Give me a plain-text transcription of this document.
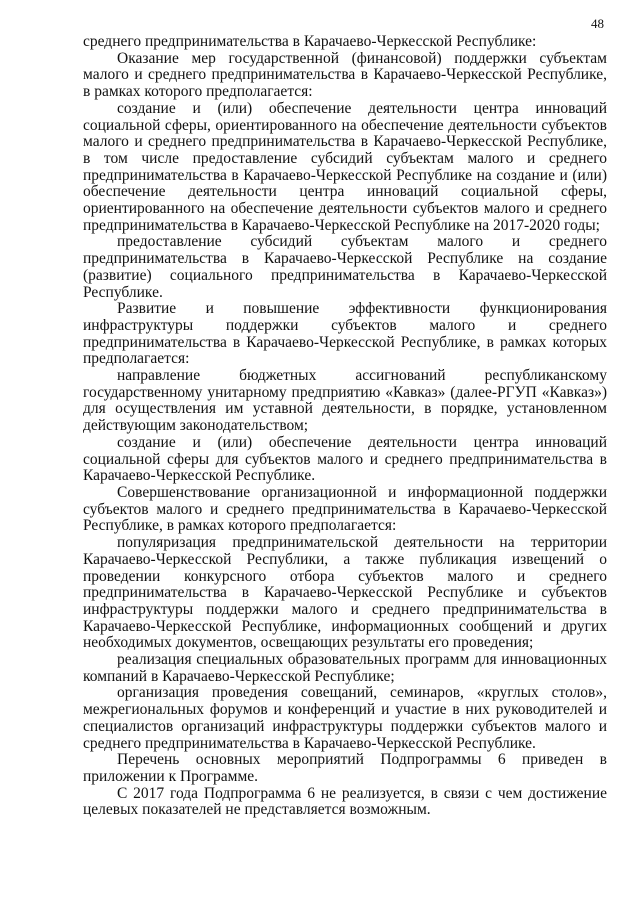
48

среднего предпринимательства в Карачаево-Черкесской Республике:

Оказание мер государственной (финансовой) поддержки субъектам малого и среднего предпринимательства в Карачаево-Черкесской Республике, в рамках которого предполагается:

создание и (или) обеспечение деятельности центра инноваций социальной сферы, ориентированного на обеспечение деятельности субъектов малого и среднего предпринимательства в Карачаево-Черкесской Республике, в том числе предоставление субсидий субъектам малого и среднего предпринимательства в Карачаево-Черкесской Республике на создание и (или) обеспечение деятельности центра инноваций социальной сферы, ориентированного на обеспечение деятельности субъектов малого и среднего предпринимательства в Карачаево-Черкесской Республике на 2017-2020 годы;

предоставление субсидий субъектам малого и среднего предпринимательства в Карачаево-Черкесской Республике на создание (развитие) социального предпринимательства в Карачаево-Черкесской Республике.

Развитие и повышение эффективности функционирования инфраструктуры поддержки субъектов малого и среднего предпринимательства в Карачаево-Черкесской Республике, в рамках которых предполагается:

направление бюджетных ассигнований республиканскому государственному унитарному предприятию «Кавказ» (далее-РГУП «Кавказ») для осуществления им уставной деятельности, в порядке, установленном действующим законодательством;

создание и (или) обеспечение деятельности центра инноваций социальной сферы для субъектов малого и среднего предпринимательства в Карачаево-Черкесской Республике.

Совершенствование организационной и информационной поддержки субъектов малого и среднего предпринимательства в Карачаево-Черкесской Республике, в рамках которого предполагается:

популяризация предпринимательской деятельности на территории Карачаево-Черкесской Республики, а также публикация извещений о проведении конкурсного отбора субъектов малого и среднего предпринимательства в Карачаево-Черкесской Республике и субъектов инфраструктуры поддержки малого и среднего предпринимательства в Карачаево-Черкесской Республике, информационных сообщений и других необходимых документов, освещающих результаты его проведения;

реализация специальных образовательных программ для инновационных компаний в Карачаево-Черкесской Республике;

организация проведения совещаний, семинаров, «круглых столов», межрегиональных форумов и конференций и участие в них руководителей и специалистов организаций инфраструктуры поддержки субъектов малого и среднего предпринимательства в Карачаево-Черкесской Республике.

Перечень основных мероприятий Подпрограммы 6 приведен в приложении к Программе.

С 2017 года Подпрограмма 6 не реализуется, в связи с чем достижение целевых показателей не представляется возможным.
